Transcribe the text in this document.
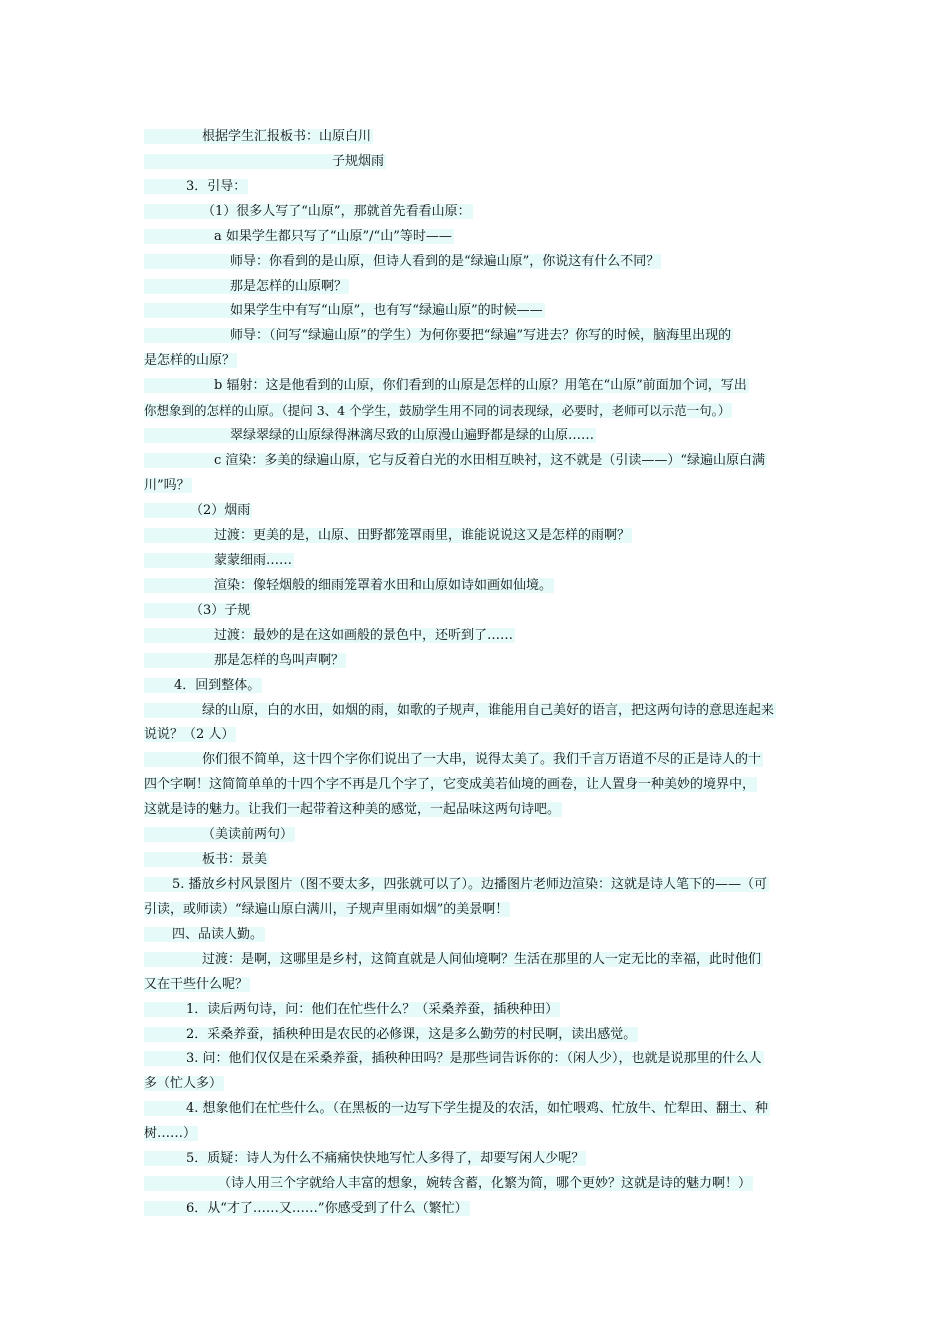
根据学生汇报板书：山原白川
子规烟雨
3．引导：
（1）很多人写了“山原”，那就首先看看山原：
a 如果学生都只写了“山原”/“山”等时——
师导：你看到的是山原，但诗人看到的是“绿遍山原”，你说这有什么不同？
那是怎样的山原啊？
如果学生中有写“山原”，也有写“绿遍山原”的时候——
师导：（问写“绿遍山原”的学生）为何你要把“绿遍”写进去？你写的时候，脑海里出现的
是怎样的山原？
b 辐射：这是他看到的山原，你们看到的山原是怎样的山原？用笔在“山原”前面加个词，写出
你想象到的怎样的山原。（提问 3、4 个学生，鼓励学生用不同的词表现绿，必要时，老师可以示范一句。）
翠绿翠绿的山原绿得淋漓尽致的山原漫山遍野都是绿的山原……
c 渲染：多美的绿遍山原，它与反着白光的水田相互映衬，这不就是（引读——）“绿遍山原白满
川”吗？
（2）烟雨
过渡：更美的是，山原、田野都笼罩雨里，谁能说说这又是怎样的雨啊？
蒙蒙细雨……
渲染：像轻烟般的细雨笼罩着水田和山原如诗如画如仙境。
（3）子规
过渡：最妙的是在这如画般的景色中，还听到了……
那是怎样的鸟叫声啊？
4．回到整体。
绿的山原，白的水田，如烟的雨，如歌的子规声，谁能用自己美好的语言，把这两句诗的意思连起来
说说？（2 人）
你们很不简单，这十四个字你们说出了一大串，说得太美了。我们千言万语道不尽的正是诗人的十
四个字啊！这简简单单的十四个字不再是几个字了，它变成美若仙境的画卷，让人置身一种美妙的境界中，
这就是诗的魅力。让我们一起带着这种美的感觉，一起品味这两句诗吧。
（美读前两句）
板书：景美
5. 播放乡村风景图片（图不要太多，四张就可以了）。边播图片老师边渲染：这就是诗人笔下的——（可
引读，或师读）“绿遍山原白满川，子规声里雨如烟”的美景啊！
四、品读人勤。
过渡：是啊，这哪里是乡村，这简直就是人间仙境啊？生活在那里的人一定无比的幸福，此时他们
又在干些什么呢？
1．读后两句诗，问：他们在忙些什么？（采桑养蚕，插秧种田）
2．采桑养蚕，插秧种田是农民的必修课，这是多么勤劳的村民啊，读出感觉。
3. 问：他们仅仅是在采桑养蚕，插秧种田吗？是那些词告诉你的：（闲人少），也就是说那里的什么人
多（忙人多）
4. 想象他们在忙些什么。（在黑板的一边写下学生提及的农活，如忙喂鸡、忙放牛、忙犁田、翻土、种
树……）
5．质疑：诗人为什么不痛痛快快地写忙人多得了，却要写闲人少呢？
（诗人用三个字就给人丰富的想象，婉转含蓄，化繁为简，哪个更妙？这就是诗的魅力啊！）
6．从“才了……又……”你感受到了什么（繁忙）
